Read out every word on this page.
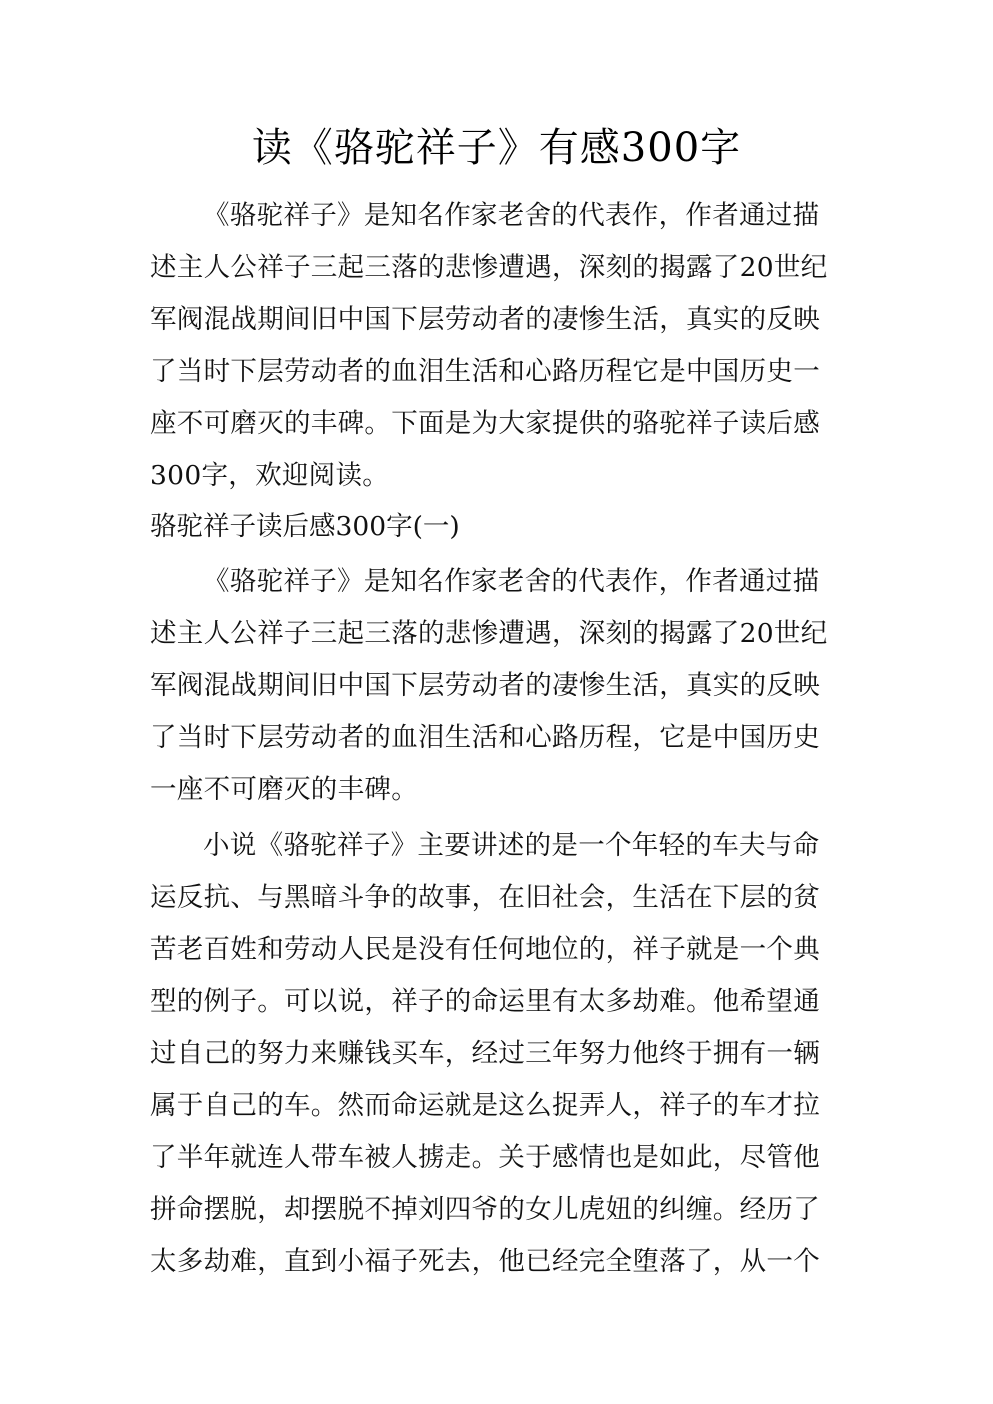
读《骆驼祥子》有感300字
《骆驼祥子》是知名作家老舍的代表作，作者通过描
述主人公祥子三起三落的悲惨遭遇，深刻的揭露了20世纪
军阀混战期间旧中国下层劳动者的凄惨生活，真实的反映
了当时下层劳动者的血泪生活和心路历程它是中国历史一
座不可磨灭的丰碑。下面是为大家提供的骆驼祥子读后感
300字，欢迎阅读。
骆驼祥子读后感300字(一)
《骆驼祥子》是知名作家老舍的代表作，作者通过描
述主人公祥子三起三落的悲惨遭遇，深刻的揭露了20世纪
军阀混战期间旧中国下层劳动者的凄惨生活，真实的反映
了当时下层劳动者的血泪生活和心路历程，它是中国历史
一座不可磨灭的丰碑。
小说《骆驼祥子》主要讲述的是一个年轻的车夫与命
运反抗、与黑暗斗争的故事，在旧社会，生活在下层的贫
苦老百姓和劳动人民是没有任何地位的，祥子就是一个典
型的例子。可以说，祥子的命运里有太多劫难。他希望通
过自己的努力来赚钱买车，经过三年努力他终于拥有一辆
属于自己的车。然而命运就是这么捉弄人，祥子的车才拉
了半年就连人带车被人掳走。关于感情也是如此，尽管他
拼命摆脱，却摆脱不掉刘四爷的女儿虎妞的纠缠。经历了
太多劫难，直到小福子死去，他已经完全堕落了，从一个
